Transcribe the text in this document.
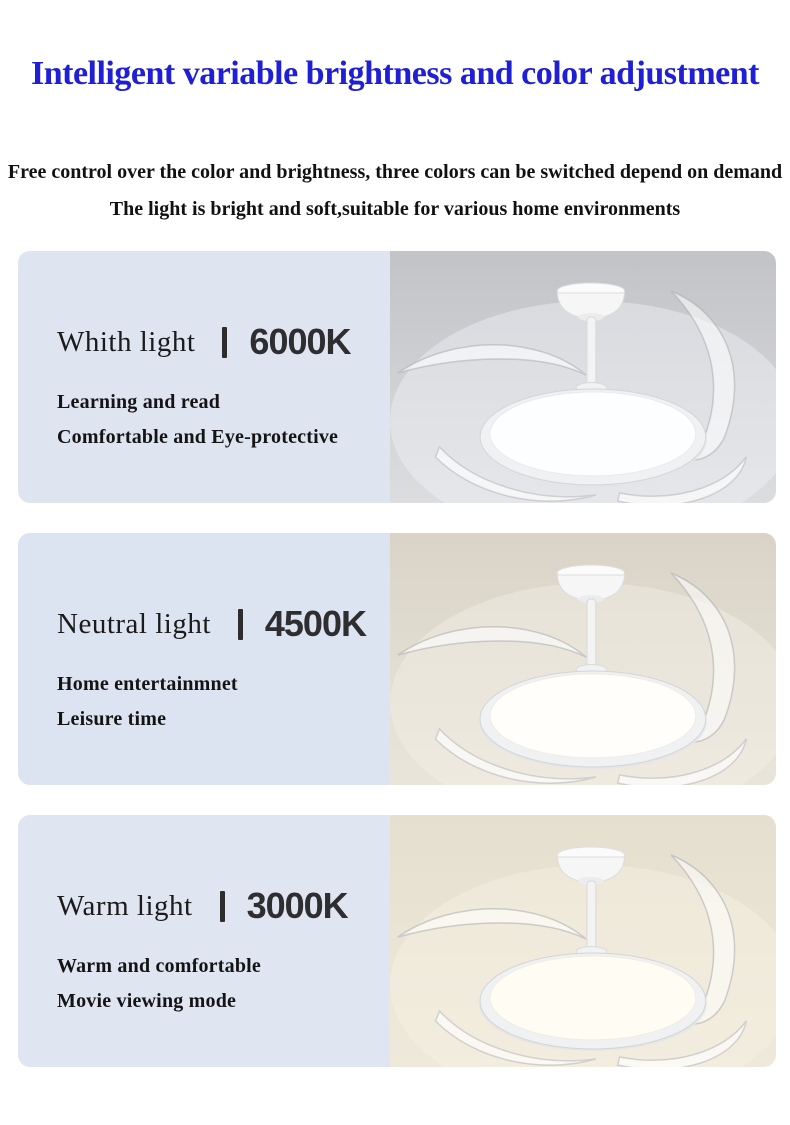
Intelligent variable brightness and color adjustment

Free control over the color and brightness, three colors can be switched depend on demand

The light is bright and soft,suitable for various home environments

Whith light 6000K

Learning and read

Comfortable and Eye-protective

Neutral light 4500K

Home entertainmnet

Leisure time

Warm light 3000K

Warm and comfortable

Movie viewing mode
